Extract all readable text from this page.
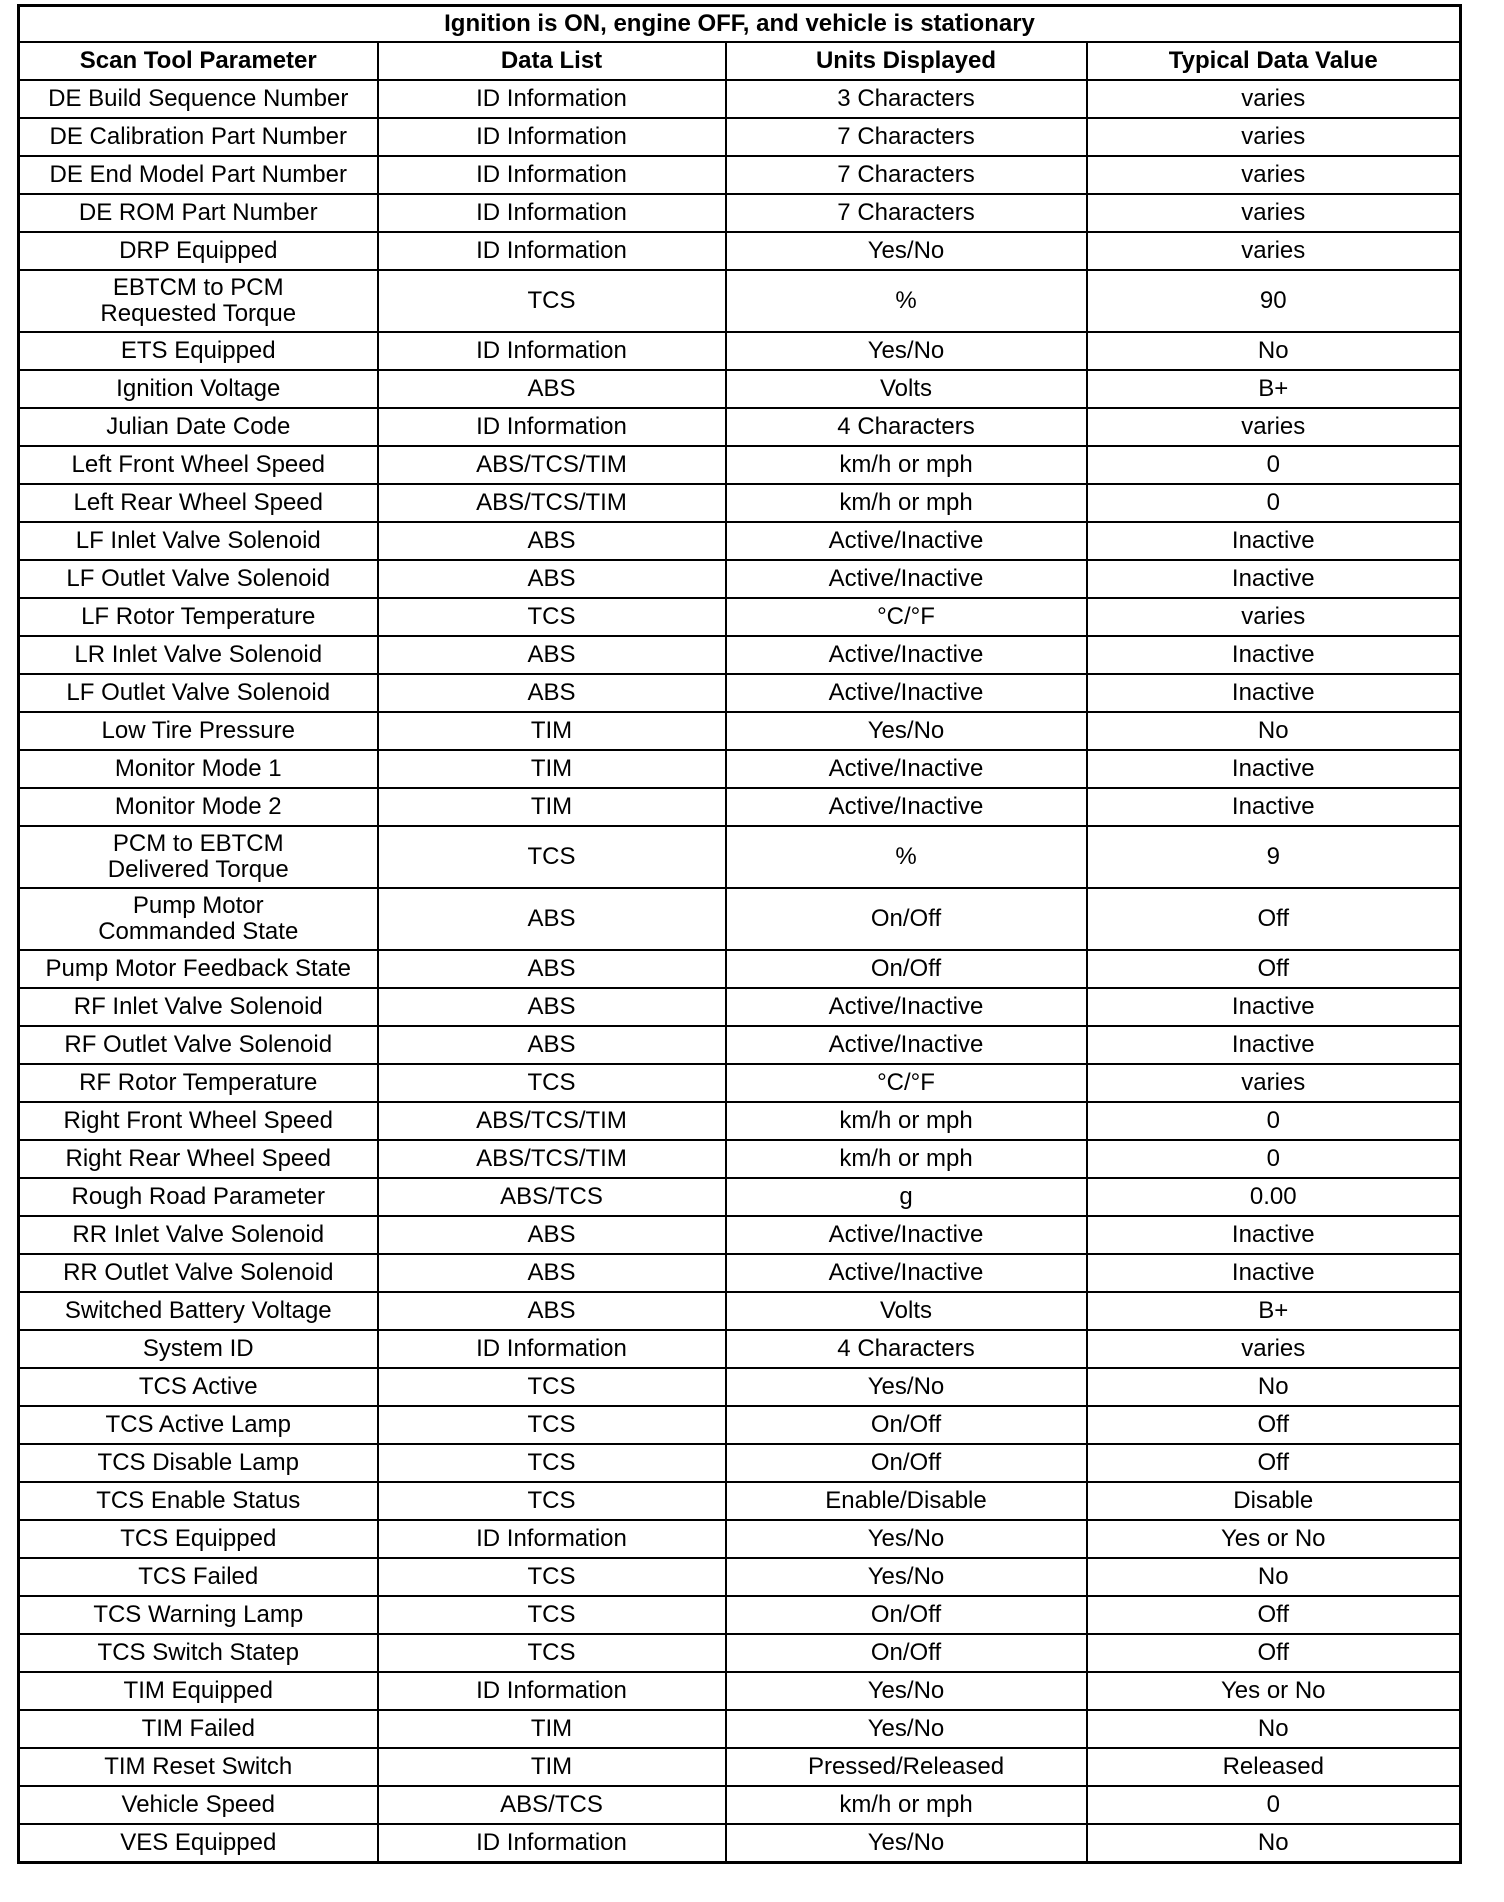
Ignition is ON, engine OFF, and vehicle is stationary			
Scan Tool Parameter	Data List	Units Displayed	Typical Data Value
DE Build Sequence Number	ID Information	3 Characters	varies
DE Calibration Part Number	ID Information	7 Characters	varies
DE End Model Part Number	ID Information	7 Characters	varies
DE ROM Part Number	ID Information	7 Characters	varies
DRP Equipped	ID Information	Yes/No	varies
EBTCM to PCM
Requested Torque	TCS	%	90
ETS Equipped	ID Information	Yes/No	No
Ignition Voltage	ABS	Volts	B+
Julian Date Code	ID Information	4 Characters	varies
Left Front Wheel Speed	ABS/TCS/TIM	km/h or mph	0
Left Rear Wheel Speed	ABS/TCS/TIM	km/h or mph	0
LF Inlet Valve Solenoid	ABS	Active/Inactive	Inactive
LF Outlet Valve Solenoid	ABS	Active/Inactive	Inactive
LF Rotor Temperature	TCS	°C/°F	varies
LR Inlet Valve Solenoid	ABS	Active/Inactive	Inactive
LF Outlet Valve Solenoid	ABS	Active/Inactive	Inactive
Low Tire Pressure	TIM	Yes/No	No
Monitor Mode 1	TIM	Active/Inactive	Inactive
Monitor Mode 2	TIM	Active/Inactive	Inactive
PCM to EBTCM
Delivered Torque	TCS	%	9
Pump Motor
Commanded State	ABS	On/Off	Off
Pump Motor Feedback State	ABS	On/Off	Off
RF Inlet Valve Solenoid	ABS	Active/Inactive	Inactive
RF Outlet Valve Solenoid	ABS	Active/Inactive	Inactive
RF Rotor Temperature	TCS	°C/°F	varies
Right Front Wheel Speed	ABS/TCS/TIM	km/h or mph	0
Right Rear Wheel Speed	ABS/TCS/TIM	km/h or mph	0
Rough Road Parameter	ABS/TCS	g	0.00
RR Inlet Valve Solenoid	ABS	Active/Inactive	Inactive
RR Outlet Valve Solenoid	ABS	Active/Inactive	Inactive
Switched Battery Voltage	ABS	Volts	B+
System ID	ID Information	4 Characters	varies
TCS Active	TCS	Yes/No	No
TCS Active Lamp	TCS	On/Off	Off
TCS Disable Lamp	TCS	On/Off	Off
TCS Enable Status	TCS	Enable/Disable	Disable
TCS Equipped	ID Information	Yes/No	Yes or No
TCS Failed	TCS	Yes/No	No
TCS Warning Lamp	TCS	On/Off	Off
TCS Switch Statep	TCS	On/Off	Off
TIM Equipped	ID Information	Yes/No	Yes or No
TIM Failed	TIM	Yes/No	No
TIM Reset Switch	TIM	Pressed/Released	Released
Vehicle Speed	ABS/TCS	km/h or mph	0
VES Equipped	ID Information	Yes/No	No
